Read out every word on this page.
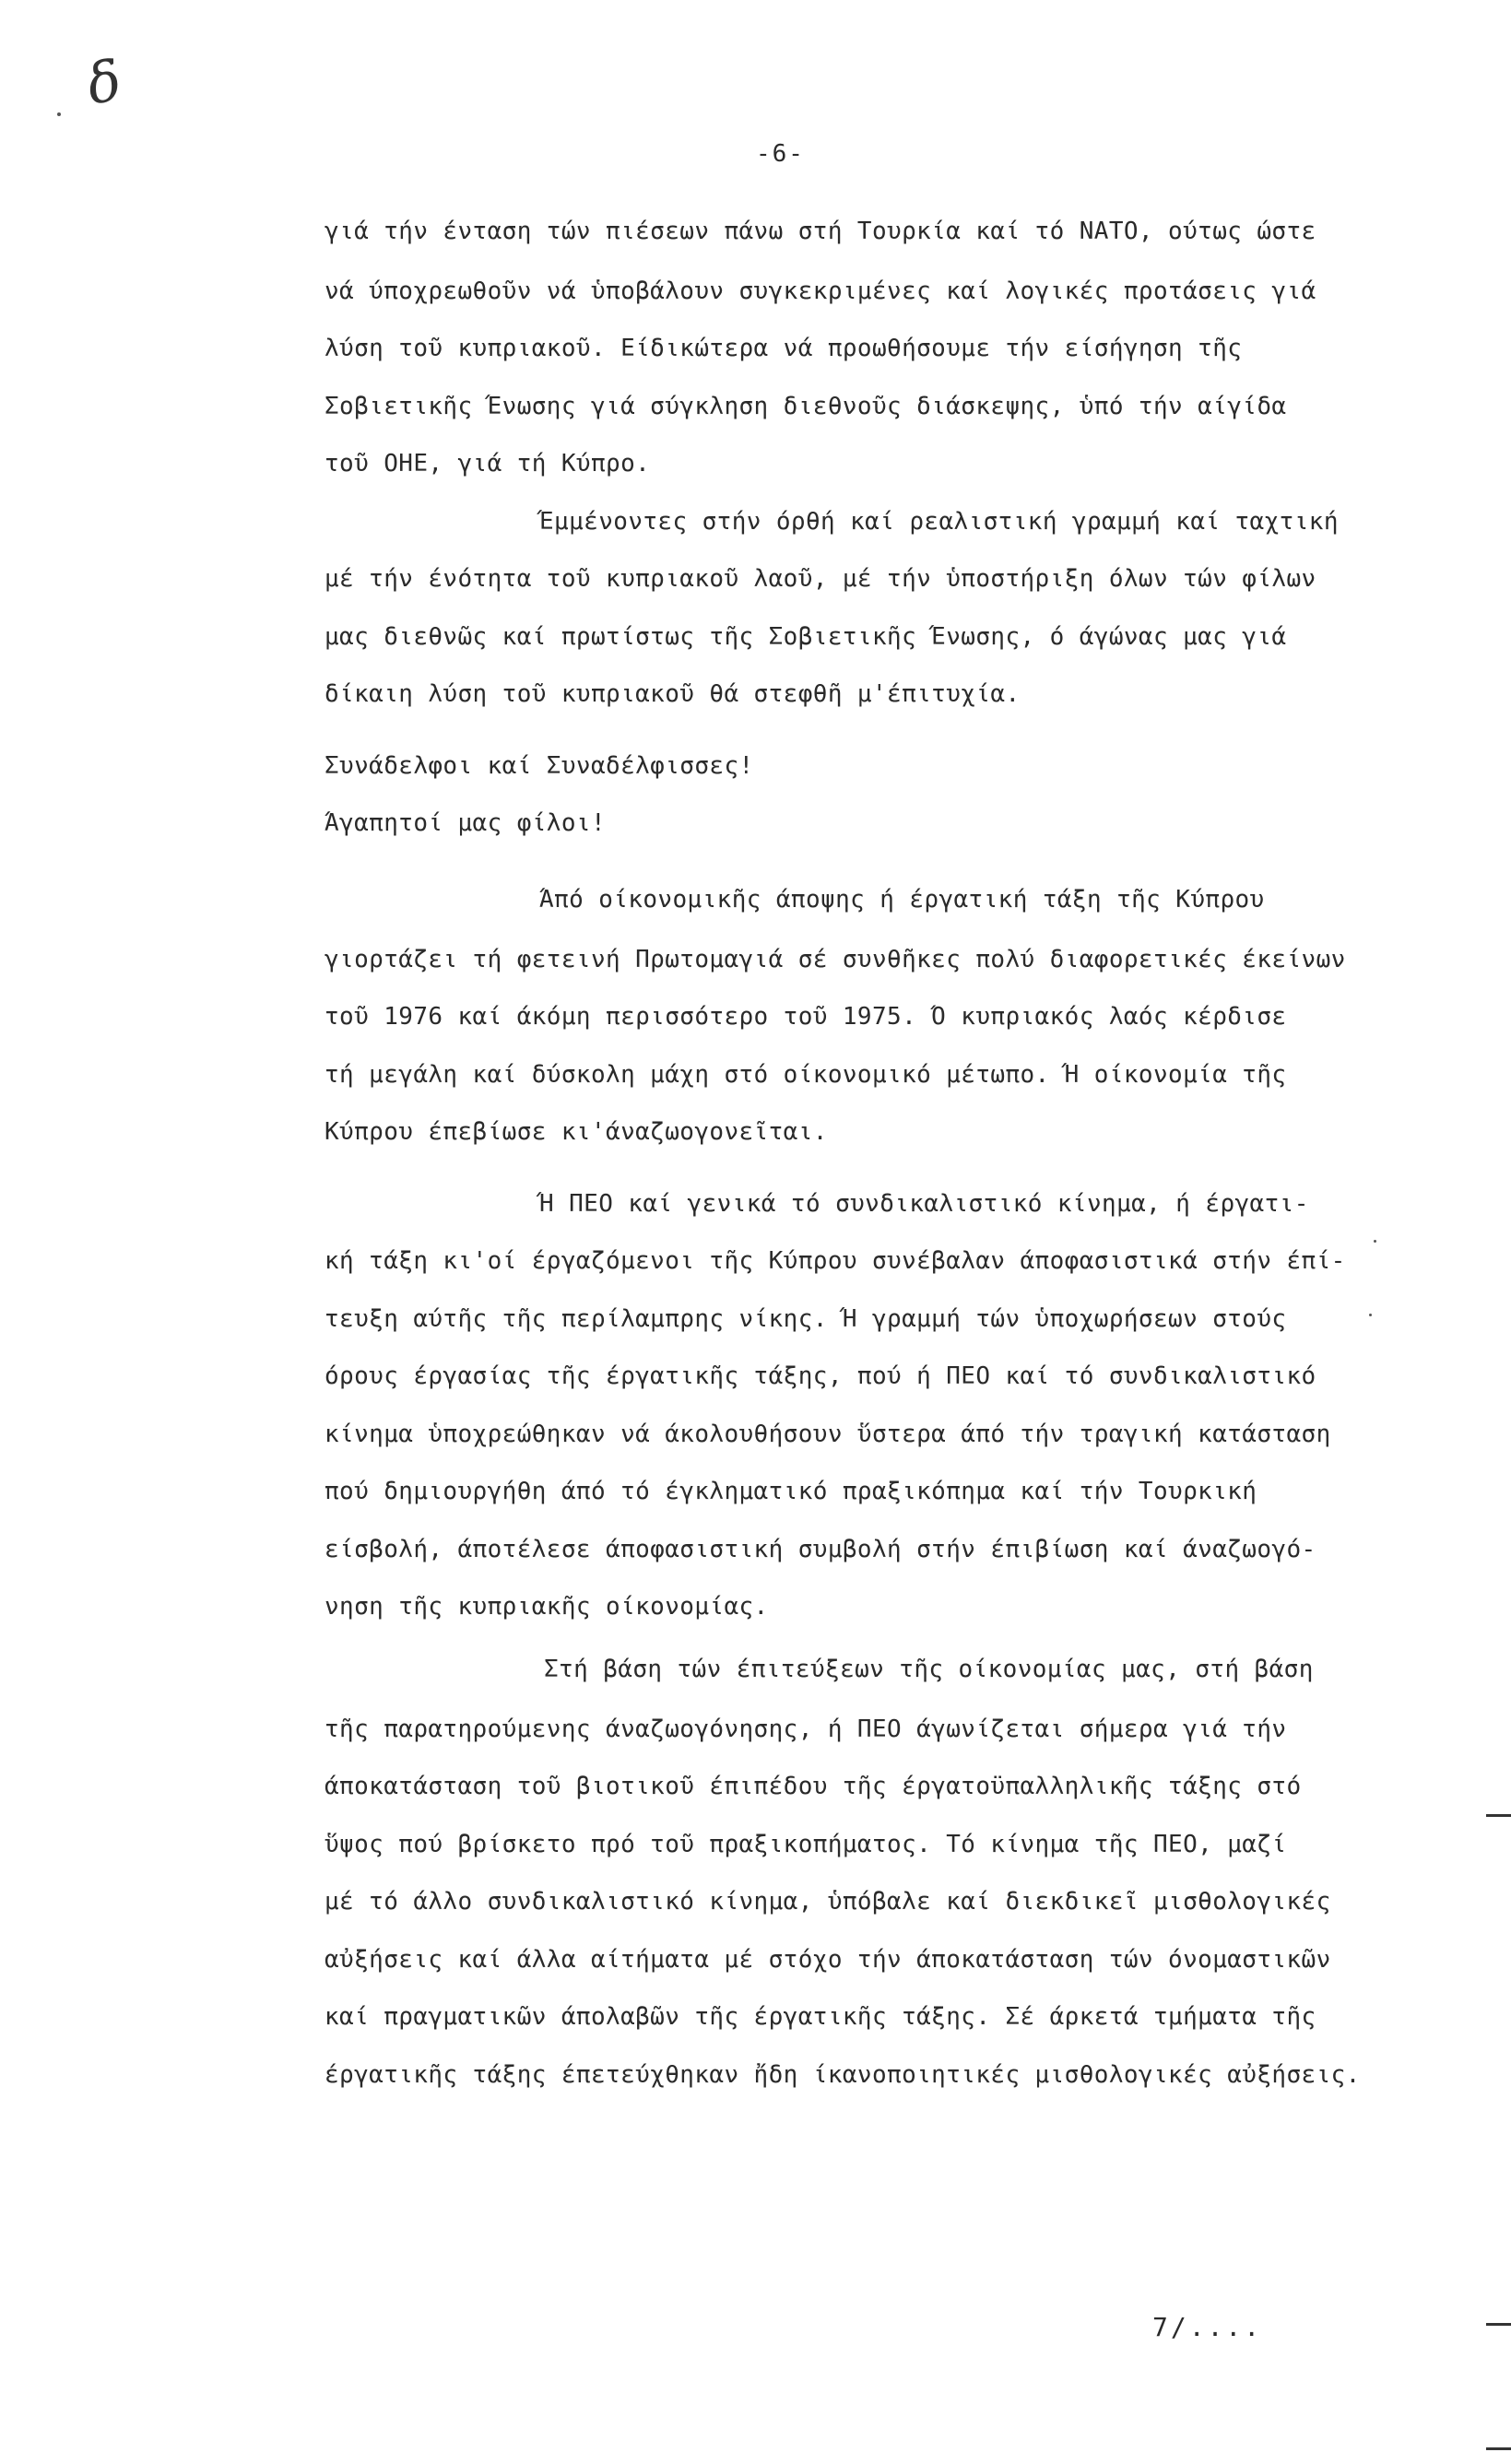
δ
-6-
γιά τήν ένταση τών πιέσεων πάνω στή Τουρκία καί τό ΝΑΤΟ, ούτως ώστε
νά ύποχρεωθοῦν νά ὑποβάλουν συγκεκριμένες καί λογικές προτάσεις γιά
λύση τοῦ κυπριακοῦ. Είδικώτερα νά προωθήσουμε τήν είσήγηση τῆς
Σοβιετικῆς Ένωσης γιά σύγκληση διεθνοῦς διάσκεψης, ὑπό τήν αίγίδα
τοῦ ΟΗΕ, γιά τή Κύπρο.
Έμμένοντες στήν όρθή καί ρεαλιστική γραμμή καί ταχτική
μέ τήν ένότητα τοῦ κυπριακοῦ λαοῦ, μέ τήν ὑποστήριξη όλων τών φίλων
μας διεθνῶς καί πρωτίστως τῆς Σοβιετικῆς Ένωσης, ό άγώνας μας γιά
δίκαιη λύση τοῦ κυπριακοῦ θά στεφθῆ μ'έπιτυχία.
Συνάδελφοι καί Συναδέλφισσες!
Άγαπητοί μας φίλοι!
Άπό οίκονομικῆς άποψης ή έργατική τάξη τῆς Κύπρου
γιορτάζει τή φετεινή Πρωτομαγιά σέ συνθῆκες πολύ διαφορετικές έκείνων
τοῦ 1976 καί άκόμη περισσότερο τοῦ 1975. Ό κυπριακός λαός κέρδισε
τή μεγάλη καί δύσκολη μάχη στό οίκονομικό μέτωπο. Ή οίκονομία τῆς
Κύπρου έπεβίωσε κι'άναζωογονεῖται.
Ή ΠΕΟ καί γενικά τό συνδικαλιστικό κίνημα, ή έργατι-
κή τάξη κι'οί έργαζόμενοι τῆς Κύπρου συνέβαλαν άποφασιστικά στήν έπί-
τευξη αύτῆς τῆς περίλαμπρης νίκης. Ή γραμμή τών ὑποχωρήσεων στούς
όρους έργασίας τῆς έργατικῆς τάξης, πού ή ΠΕΟ καί τό συνδικαλιστικό
κίνημα ὑποχρεώθηκαν νά άκολουθήσουν ὕστερα άπό τήν τραγική κατάσταση
πού δημιουργήθη άπό τό έγκληματικό πραξικόπημα καί τήν Τουρκική
είσβολή, άποτέλεσε άποφασιστική συμβολή στήν έπιβίωση καί άναζωογό-
νηση τῆς κυπριακῆς οίκονομίας.
Στή βάση τών έπιτεύξεων τῆς οίκονομίας μας, στή βάση
τῆς παρατηρούμενης άναζωογόνησης, ή ΠΕΟ άγωνίζεται σήμερα γιά τήν
άποκατάσταση τοῦ βιοτικοῦ έπιπέδου τῆς έργατοϋπαλληλικῆς τάξης στό
ὕψος πού βρίσκετο πρό τοῦ πραξικοπήματος. Τό κίνημα τῆς ΠΕΟ, μαζί
μέ τό άλλο συνδικαλιστικό κίνημα, ὑπόβαλε καί διεκδικεῖ μισθολογικές
αὐξήσεις καί άλλα αίτήματα μέ στόχο τήν άποκατάσταση τών όνομαστικῶν
καί πραγματικῶν άπολαβῶν τῆς έργατικῆς τάξης. Σέ άρκετά τμήματα τῆς
έργατικῆς τάξης έπετεύχθηκαν ἤδη ίκανοποιητικές μισθολογικές αὐξήσεις.
7/....
